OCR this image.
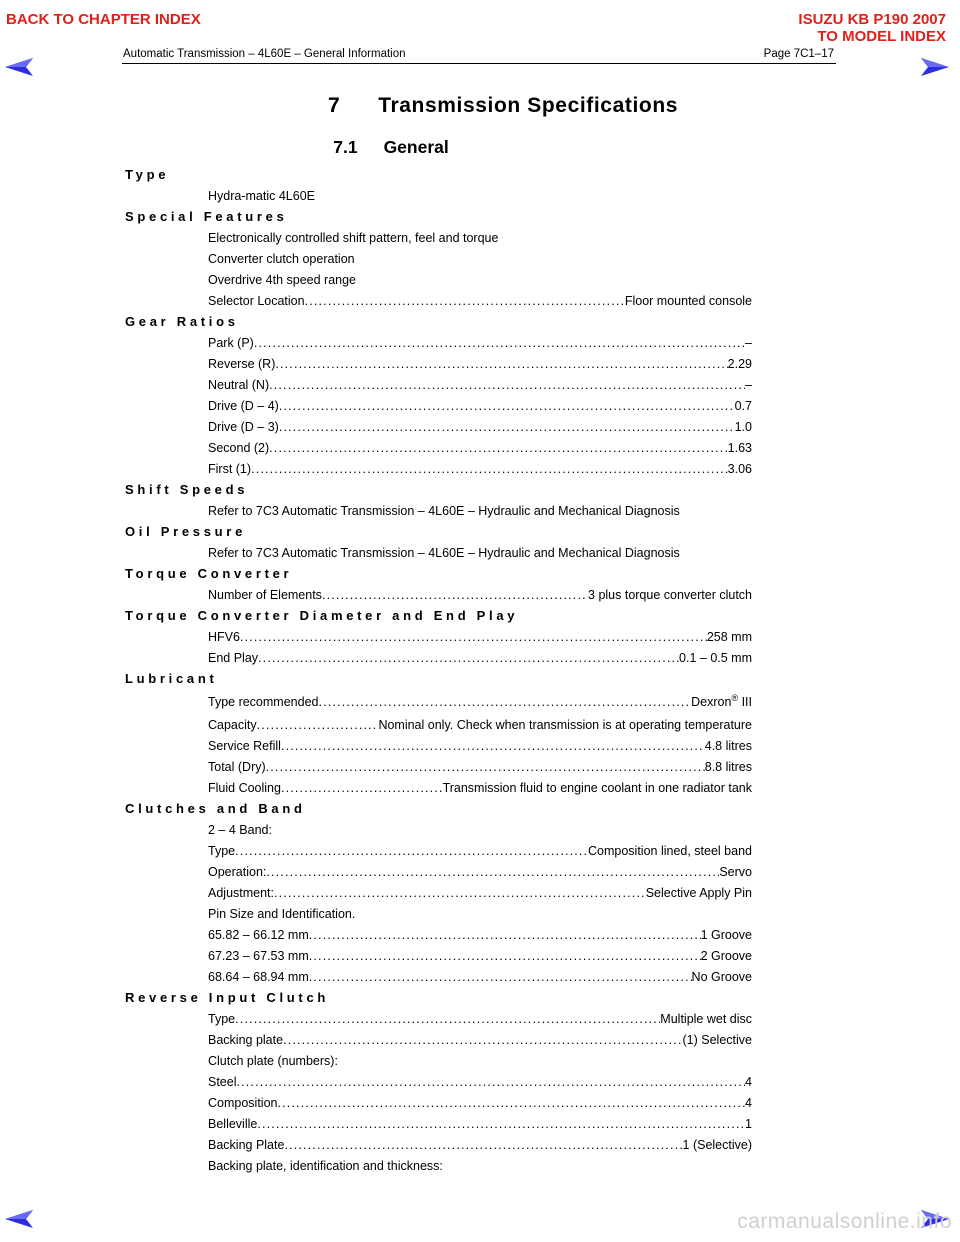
BACK TO CHAPTER INDEX	ISUZU KB P190 2007
TO MODEL INDEX
Automatic Transmission – 4L60E – General Information	Page 7C1–17
7 Transmission Specifications
7.1 General
Type
Hydra-matic 4L60E
Special Features
Electronically controlled shift pattern, feel and torque
Converter clutch operation
Overdrive 4th speed range
Selector Location . . .	Floor mounted console
Gear Ratios
Park (P) . . .	–
Reverse (R) . . .	2.29
Neutral (N) . . .	–
Drive (D – 4) . . .	0.7
Drive (D – 3) . . .	1.0
Second (2) . . .	1.63
First (1) . . .	3.06
Shift Speeds
Refer to 7C3 Automatic Transmission – 4L60E – Hydraulic and Mechanical Diagnosis
Oil Pressure
Refer to 7C3 Automatic Transmission – 4L60E – Hydraulic and Mechanical Diagnosis
Torque Converter
Number of Elements . . .	3 plus torque converter clutch
Torque Converter Diameter and End Play
HFV6 . . .	258 mm
End Play . . .	0.1 – 0.5 mm
Lubricant
Type recommended . . .	Dexron® III
Capacity . . .	Nominal only. Check when transmission is at operating temperature
Service Refill . . .	4.8 litres
Total (Dry) . . .	8.8 litres
Fluid Cooling . . .	Transmission fluid to engine coolant in one radiator tank
Clutches and Band
2 – 4 Band:
Type . . .	Composition lined, steel band
Operation: . . .	Servo
Adjustment: . . .	Selective Apply Pin
Pin Size and Identification.
65.82 – 66.12 mm . . .	1 Groove
67.23 – 67.53 mm . . .	2 Groove
68.64 – 68.94 mm . . .	No Groove
Reverse Input Clutch
Type . . .	Multiple wet disc
Backing plate . . .	(1) Selective
Clutch plate (numbers):
Steel . . .	4
Composition . . .	4
Belleville . . .	1
Backing Plate . . .	1 (Selective)
Backing plate, identification and thickness:
carmanualsonline.info
